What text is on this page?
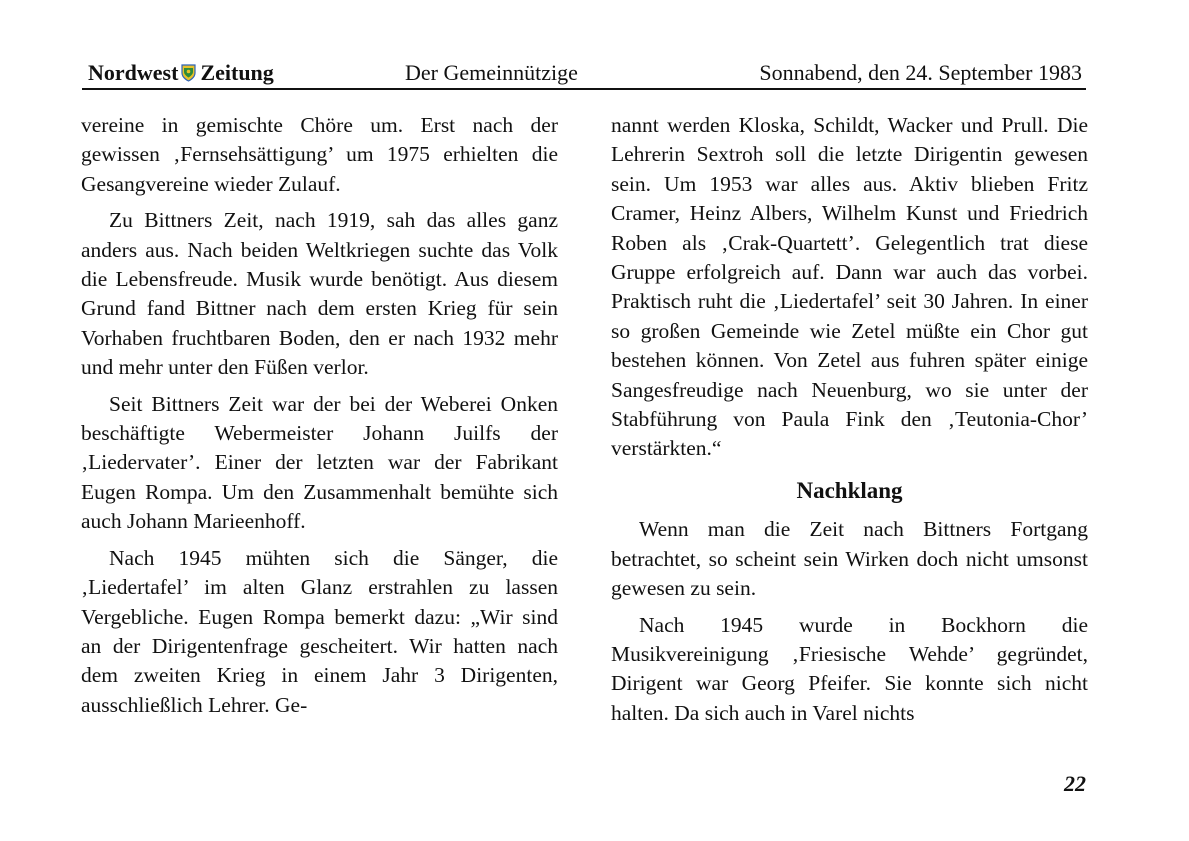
Nordwest Zeitung	Der Gemeinnützige	Sonnabend, den 24. September 1983

vereine in gemischte Chöre um. Erst nach der gewissen ‚Fernsehsättigung’ um 1975 erhielten die Gesangvereine wieder Zulauf.

Zu Bittners Zeit, nach 1919, sah das alles ganz anders aus. Nach beiden Weltkriegen suchte das Volk die Lebensfreude. Musik wurde benötigt. Aus diesem Grund fand Bittner nach dem ersten Krieg für sein Vorhaben fruchtbaren Boden, den er nach 1932 mehr und mehr unter den Füßen verlor.

Seit Bittners Zeit war der bei der Weberei Onken beschäftigte Webermeister Johann Juilfs der ‚Liedervater’. Einer der letzten war der Fabrikant Eugen Rompa. Um den Zusammenhalt bemühte sich auch Johann Marieenhoff.

Nach 1945 mühten sich die Sänger, die ‚Liedertafel’ im alten Glanz erstrahlen zu lassen Vergebliche. Eugen Rompa bemerkt dazu: „Wir sind an der Dirigentenfrage gescheitert. Wir hatten nach dem zweiten Krieg in einem Jahr 3 Dirigenten, ausschließlich Lehrer. Ge-

nannt werden Kloska, Schildt, Wacker und Prull. Die Lehrerin Sextroh soll die letzte Dirigentin gewesen sein. Um 1953 war alles aus. Aktiv blieben Fritz Cramer, Heinz Albers, Wilhelm Kunst und Friedrich Roben als ‚Crak-Quartett’. Gelegentlich trat diese Gruppe erfolgreich auf. Dann war auch das vorbei. Praktisch ruht die ‚Liedertafel’ seit 30 Jahren. In einer so großen Gemeinde wie Zetel müßte ein Chor gut bestehen können. Von Zetel aus fuhren später einige Sangesfreudige nach Neuenburg, wo sie unter der Stabführung von Paula Fink den ‚Teutonia-Chor’ verstärkten.“

Nachklang

Wenn man die Zeit nach Bittners Fortgang betrachtet, so scheint sein Wirken doch nicht umsonst gewesen zu sein.

Nach 1945 wurde in Bockhorn die Musikvereinigung ‚Friesische Wehde’ gegründet, Dirigent war Georg Pfeifer. Sie konnte sich nicht halten. Da sich auch in Varel nichts

22
